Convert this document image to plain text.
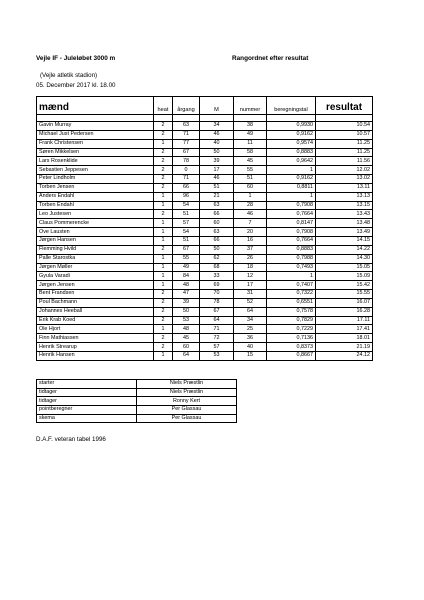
Vejle IF - Juleløbet 3000 m	Rangordnet efter resultat
(Vejle atletik stadion)
05. December 2017 kl. 18.00
mænd	heat	årgang	M	nummer	beregningstal	resultat

Gavin Murray	2	63	34	38	0,9930	10.54
Michael Just Pedersen	2	71	46	49	0,9162	10.57
Frank Christensen	1	77	40	11	0,9574	11.25
Søren Mikkelsen	2	67	50	58	0,8883	11.25
Lars Rosenklide	2	78	39	45	0,9642	11.56
Sebastien Jeppesen	2	0	17	55	1	12.02
Peter Lindholm	2	71	46	51	0,9162	13.02
Torben Jensen	2	66	51	60	0,8811	13.11
Anders Endahl	1	96	21	1	1	13.13
Torben Endahl	1	54	63	28	0,7908	13.15
Leo Justesen	2	51	66	46	0,7664	13.43
Claus Pommerencke	1	57	60	7	0,8147	13.48
Ove Lausten	1	54	63	20	0,7908	13.49
Jørgen Hansen	1	51	66	16	0,7664	14.15
Flemming Hvild	2	67	50	37	0,8883	14.22
Palle Starostka	1	55	62	26	0,7988	14.30
Jørgen Møller	1	49	68	18	0,7493	15.05
Gyula Varadi	1	84	33	12	1	15.09
Jørgen Jensen	1	48	69	17	0,7407	15.42
Bent Frandsen	2	47	70	31	0,7322	15.55
Poul Bachmann	2	39	78	52	0,6551	16.07
Johannes Heeball	2	50	67	64	0,7578	16.28
Erik Krab Koed	2	53	64	34	0,7829	17.11
Ole Hjort	1	48	71	25	0,7229	17.41
Finn Mathiassen	2	45	72	36	0,7136	18.01
Henrik Strearup	2	60	57	40	0,8373	21.19
Henrik Hansen	1	64	53	15	0,8667	24.12
starter	Niels Præstlin
tidtager	Niels Præstlin
tidtager	Ronny Kert
pointberegner	Per Glassau
skema	Per Glassau
D.A.F. veteran tabel 1996
